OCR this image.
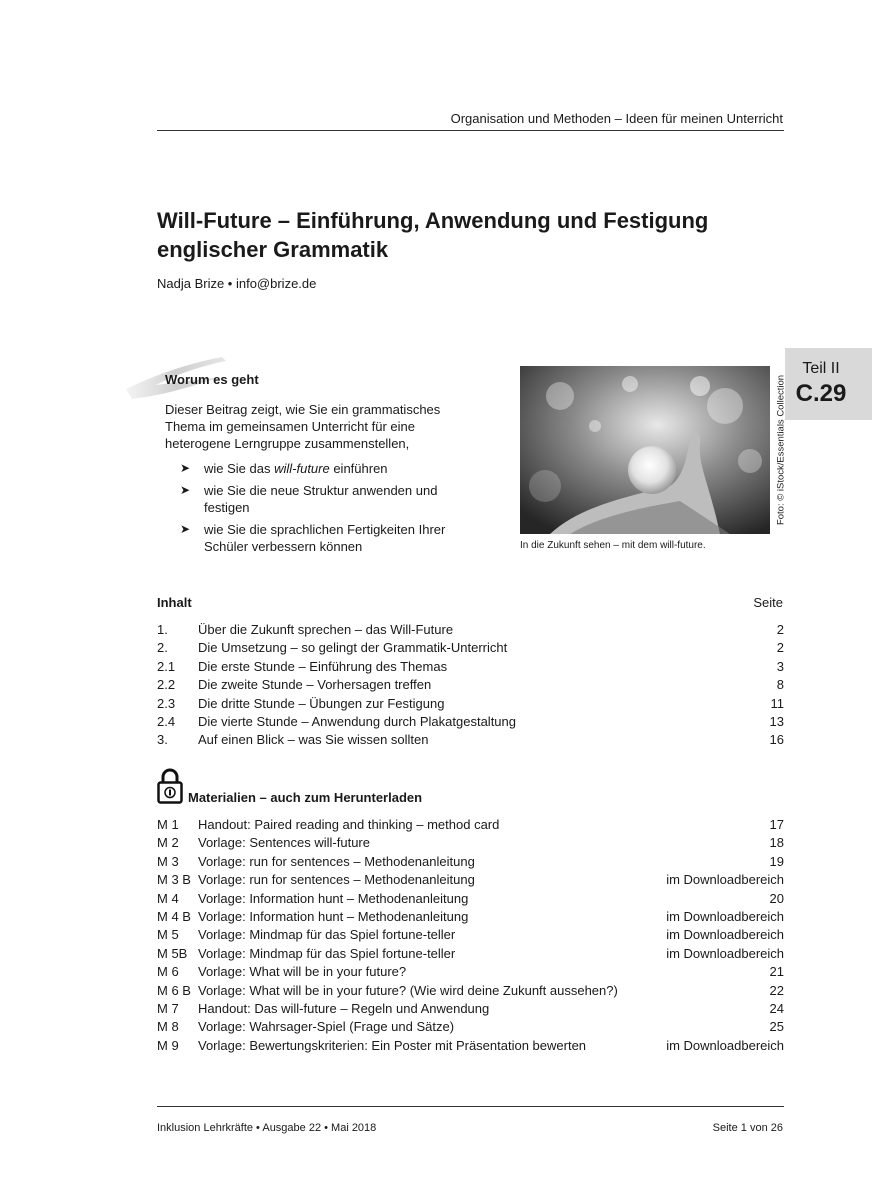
Organisation und Methoden – Ideen für meinen Unterricht
Will-Future – Einführung, Anwendung und Festigung
englischer Grammatik
Nadja Brize • info@brize.de
Teil II
C.29
Worum es geht
Dieser Beitrag zeigt, wie Sie ein grammatisches Thema im gemeinsamen Unterricht für eine heterogene Lerngruppe zusammenstellen,
➤ wie Sie das will-future einführen
➤ wie Sie die neue Struktur anwenden und festigen
➤ wie Sie die sprachlichen Fertigkeiten Ihrer Schüler verbessern können
Foto: © iStock/Essentials Collection
In die Zukunft sehen – mit dem will-future.
Inhalt	Seite
1. Über die Zukunft sprechen – das Will-Future	2
2. Die Umsetzung – so gelingt der Grammatik-Unterricht	2
2.1 Die erste Stunde – Einführung des Themas	3
2.2 Die zweite Stunde – Vorhersagen treffen	8
2.3 Die dritte Stunde – Übungen zur Festigung	11
2.4 Die vierte Stunde – Anwendung durch Plakatgestaltung	13
3. Auf einen Blick – was Sie wissen sollten	16
Materialien – auch zum Herunterladen
M 1 Handout: Paired reading and thinking – method card	17
M 2 Vorlage: Sentences will-future	18
M 3 Vorlage: run for sentences – Methodenanleitung	19
M 3 B Vorlage: run for sentences – Methodenanleitung	im Downloadbereich
M 4 Vorlage: Information hunt – Methodenanleitung	20
M 4 B Vorlage: Information hunt – Methodenanleitung	im Downloadbereich
M 5 Vorlage: Mindmap für das Spiel fortune-teller	im Downloadbereich
M 5B Vorlage: Mindmap für das Spiel fortune-teller	im Downloadbereich
M 6 Vorlage: What will be in your future?	21
M 6 B Vorlage: What will be in your future? (Wie wird deine Zukunft aussehen?)	22
M 7 Handout: Das will-future – Regeln und Anwendung	24
M 8 Vorlage: Wahrsager-Spiel (Frage und Sätze)	25
M 9 Vorlage: Bewertungskriterien: Ein Poster mit Präsentation bewerten	im Downloadbereich
Inklusion Lehrkräfte • Ausgabe 22 • Mai 2018	Seite 1 von 26
